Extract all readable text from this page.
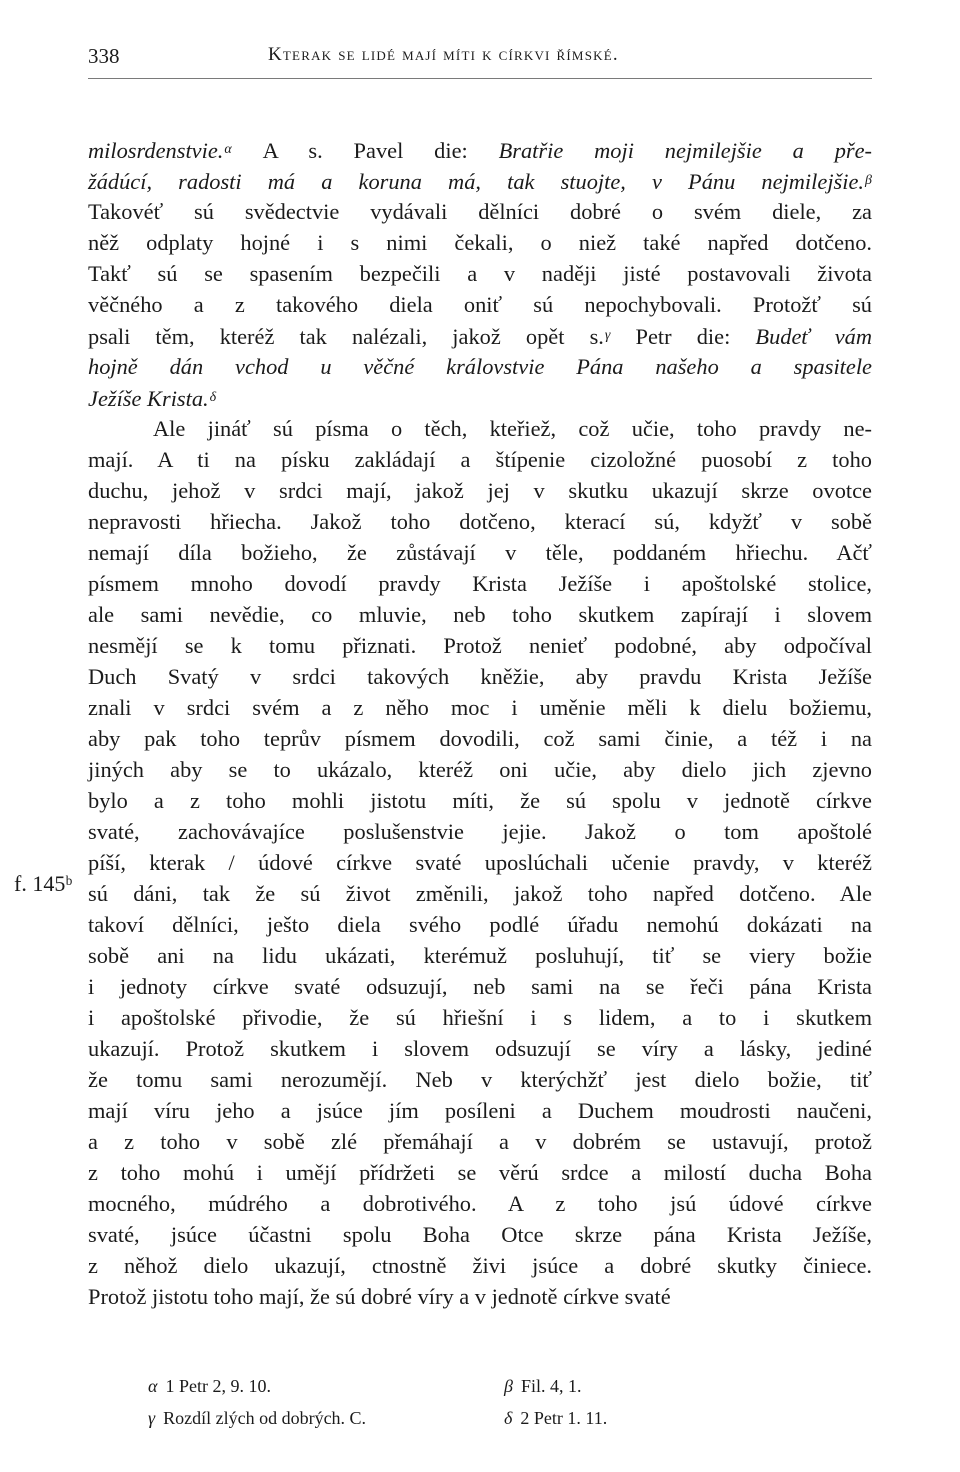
338	Kterak se lidé mají míti k církvi římské.
f. 145ᵇ
milosrdenstvie.$^\alpha$ A s. Pavel die: Bratřie moji nejmilejšie a pře-
žádúcí, radosti má a koruna má, tak stuojte, v Pánu nejmilejšie.$^\beta$
Takovéť sú svědectvie vydávali dělníci dobré o svém diele, za
něž odplaty hojné i s nimi čekali, o niež také napřed dotčeno.
Takť sú se spasením bezpečili a v naději jisté postavovali života
věčného a z takového diela oniť sú nepochybovali. Protožť sú
psali těm, kteréž tak nalézali, jakož opět s.$^\gamma$ Petr die: Budeť vám
hojně dán vchod u věčné královstvie Pána našeho a spasitele
Ježíše Krista.$^\delta$
Ale jináť sú písma o těch, kteřiež, což učie, toho pravdy ne-
mají. A ti na písku zakládají a štípenie cizoložné puosobí z toho
duchu, jehož v srdci mají, jakož jej v skutku ukazují skrze ovotce
nepravosti hřiecha. Jakož toho dotčeno, kterací sú, kdyžť v sobě
nemají díla božieho, že zůstávají v těle, poddaném hřiechu. Ačť
písmem mnoho dovodí pravdy Krista Ježíše i apoštolské stolice,
ale sami nevědie, co mluvie, neb toho skutkem zapírají i slovem
nesmějí se k tomu přiznati. Protož nenieť podobné, aby odpočíval
Duch Svatý v srdci takových kněžie, aby pravdu Krista Ježíše
znali v srdci svém a z něho moc i uměnie měli k dielu božiemu,
aby pak toho teprův písmem dovodili, což sami činie, a též i na
jiných aby se to ukázalo, kteréž oni učie, aby dielo jich zjevno
bylo a z toho mohli jistotu míti, že sú spolu v jednotě církve
svaté, zachovávajíce poslušenstvie jejie. Jakož o tom apoštolé
píší, kterak / údové církve svaté uposlúchali učenie pravdy, v kteréž
sú dáni, tak že sú život změnili, jakož toho napřed dotčeno. Ale
takoví dělníci, ješto diela svého podlé úřadu nemohú dokázati na
sobě ani na lidu ukázati, kterémuž posluhují, tiť se viery božie
i jednoty církve svaté odsuzují, neb sami na se řeči pána Krista
i apoštolské přivodie, že sú hřiešní i s lidem, a to i skutkem
ukazují. Protož skutkem i slovem odsuzují se víry a lásky, jediné
že tomu sami nerozumějí. Neb v kterýchžť jest dielo božie, tiť
mají víru jeho a jsúce jím posíleni a Duchem moudrosti naučeni,
a z toho v sobě zlé přemáhají a v dobrém se ustavují, protož
z toho mohú i umějí přídržeti se věrú srdce a milostí ducha Boha
mocného, múdrého a dobrotivého. A z toho jsú údové církve
svaté, jsúce účastni spolu Boha Otce skrze pána Krista Ježíše,
z něhož dielo ukazují, ctnostně živi jsúce a dobré skutky činiece.
Protož jistotu toho mají, že sú dobré víry a v jednotě církve svaté
α 1 Petr 2, 9. 10.	β Fil. 4, 1.
γ Rozdíl zlých od dobrých. C.	δ 2 Petr 1. 11.
